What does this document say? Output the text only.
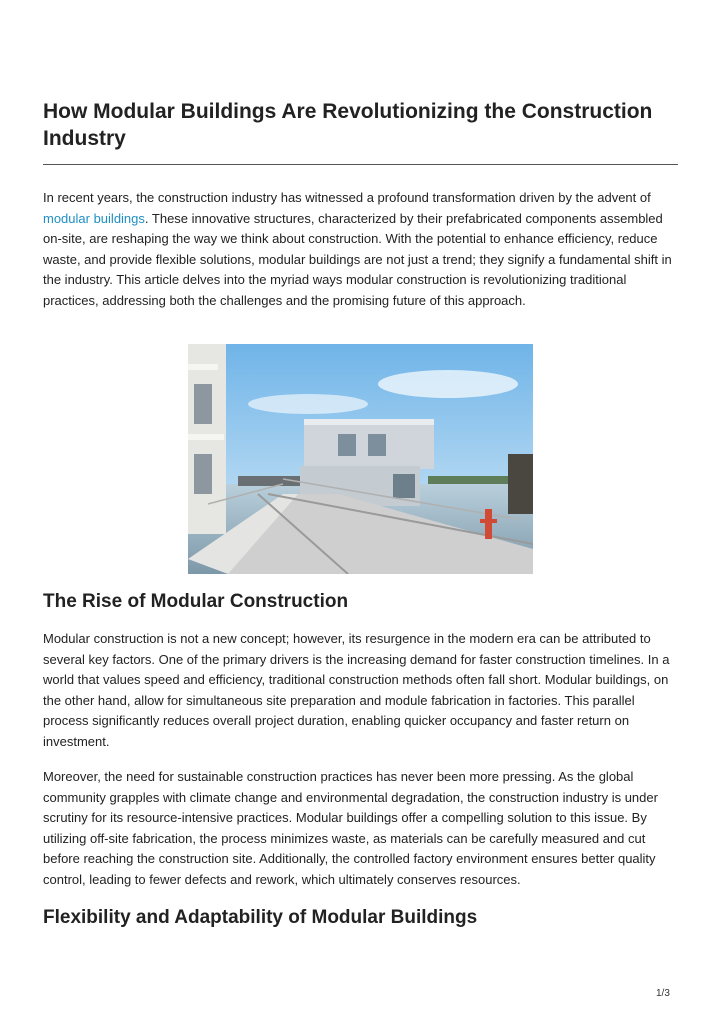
How Modular Buildings Are Revolutionizing the Construction Industry

In recent years, the construction industry has witnessed a profound transformation driven by the advent of modular buildings. These innovative structures, characterized by their prefabricated components assembled on-site, are reshaping the way we think about construction. With the potential to enhance efficiency, reduce waste, and provide flexible solutions, modular buildings are not just a trend; they signify a fundamental shift in the industry. This article delves into the myriad ways modular construction is revolutionizing traditional practices, addressing both the challenges and the promising future of this approach.

The Rise of Modular Construction

Modular construction is not a new concept; however, its resurgence in the modern era can be attributed to several key factors. One of the primary drivers is the increasing demand for faster construction timelines. In a world that values speed and efficiency, traditional construction methods often fall short. Modular buildings, on the other hand, allow for simultaneous site preparation and module fabrication in factories. This parallel process significantly reduces overall project duration, enabling quicker occupancy and faster return on investment.

Moreover, the need for sustainable construction practices has never been more pressing. As the global community grapples with climate change and environmental degradation, the construction industry is under scrutiny for its resource-intensive practices. Modular buildings offer a compelling solution to this issue. By utilizing off-site fabrication, the process minimizes waste, as materials can be carefully measured and cut before reaching the construction site. Additionally, the controlled factory environment ensures better quality control, leading to fewer defects and rework, which ultimately conserves resources.

Flexibility and Adaptability of Modular Buildings
1/3
